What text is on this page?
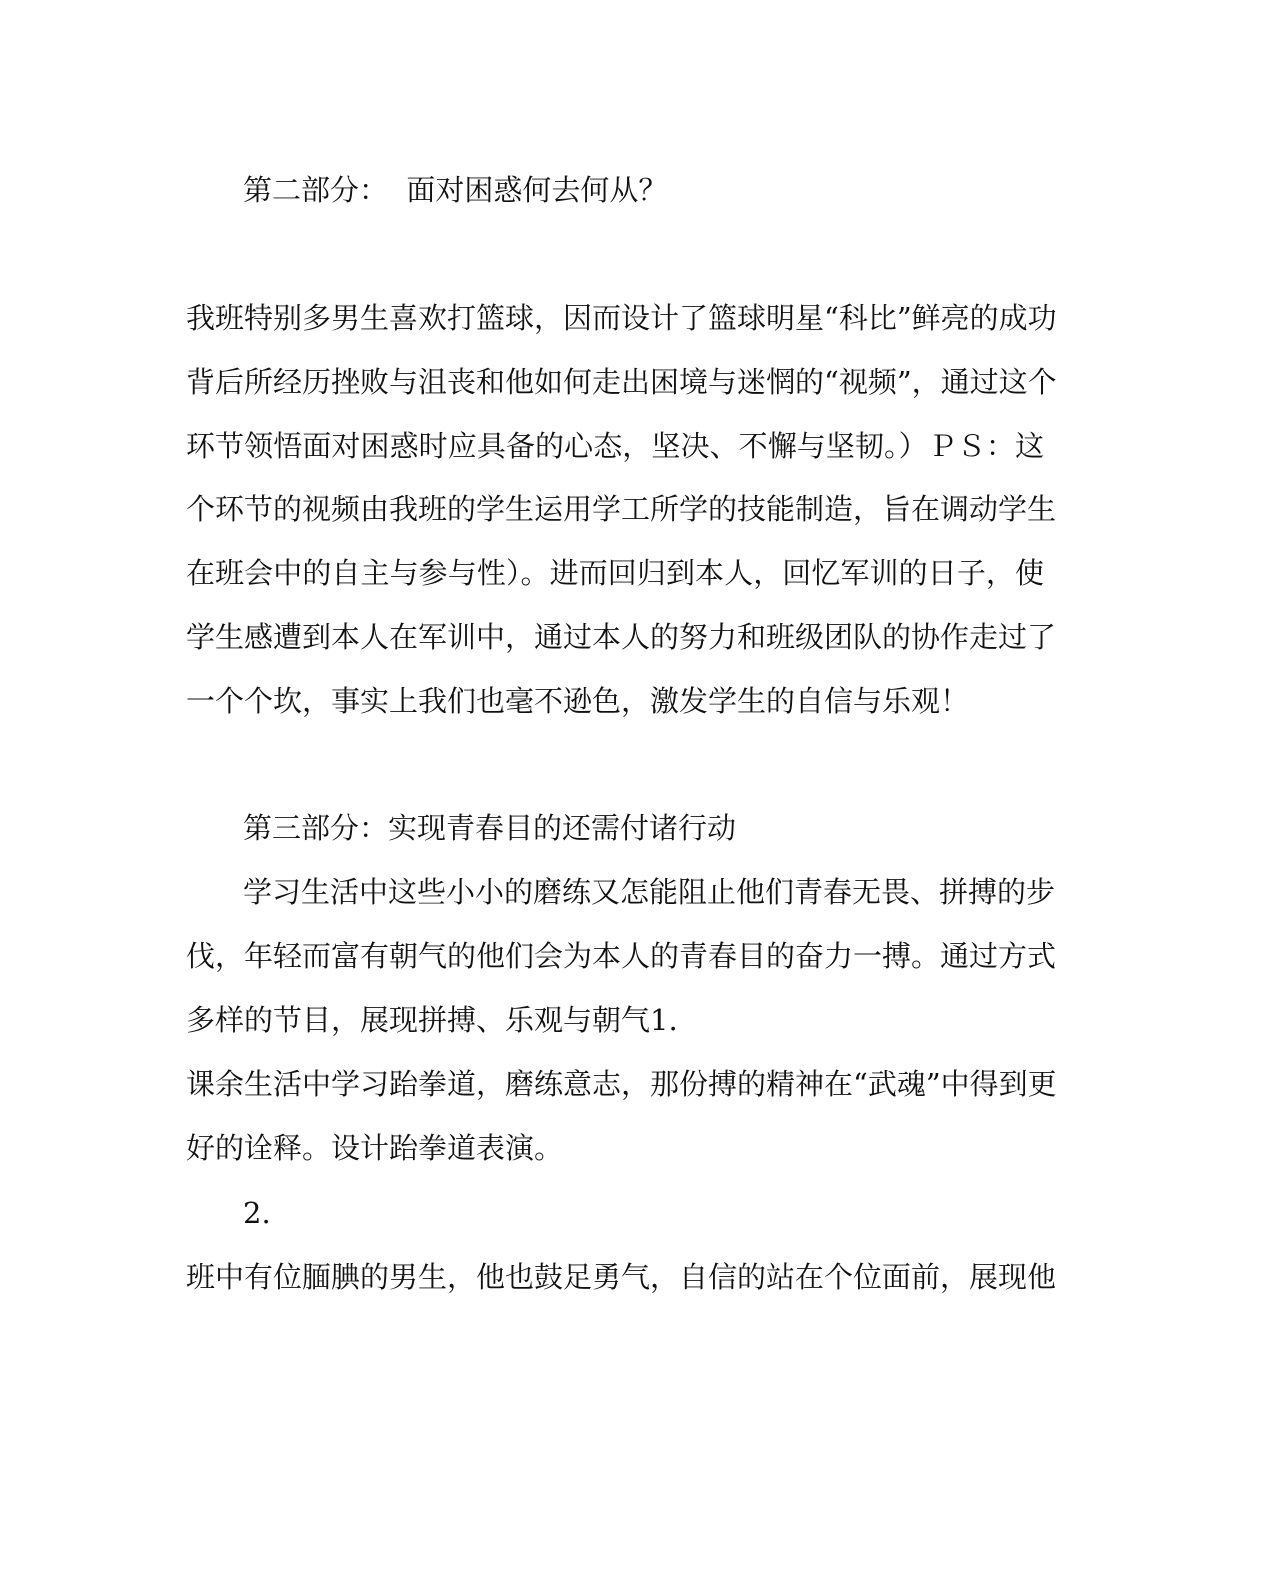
第二部分：  面对困惑何去何从？

我班特别多男生喜欢打篮球，因而设计了篮球明星“科比”鲜亮的成功

背后所经历挫败与沮丧和他如何走出困境与迷惘的“视频”，通过这个

环节领悟面对困惑时应具备的心态，坚决、不懈与坚韧。）ＰＳ：这

个环节的视频由我班的学生运用学工所学的技能制造，旨在调动学生

在班会中的自主与参与性）。进而回归到本人，回忆军训的日子，使

学生感遭到本人在军训中，通过本人的努力和班级团队的协作走过了

一个个坎，事实上我们也毫不逊色，激发学生的自信与乐观！

第三部分：实现青春目的还需付诸行动

学习生活中这些小小的磨练又怎能阻止他们青春无畏、拼搏的步

伐，年轻而富有朝气的他们会为本人的青春目的奋力一搏。通过方式

多样的节目，展现拼搏、乐观与朝气1.

课余生活中学习跆拳道，磨练意志，那份搏的精神在“武魂”中得到更

好的诠释。设计跆拳道表演。

2.

班中有位腼腆的男生，他也鼓足勇气，自信的站在个位面前，展现他
